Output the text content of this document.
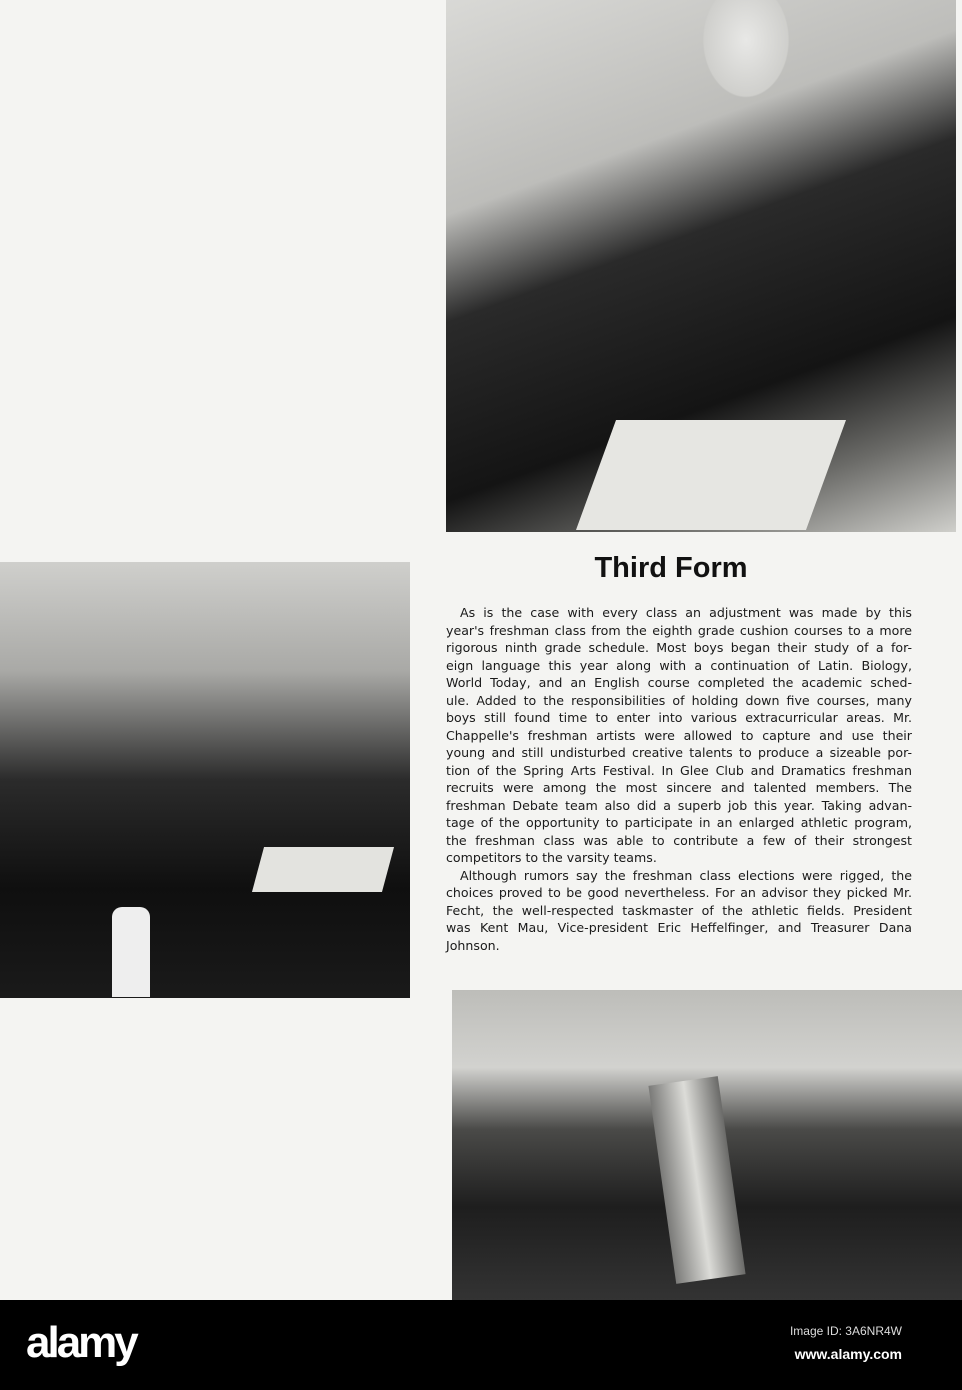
Third Form
As is the case with every class an adjustment was made by this
year's freshman class from the eighth grade cushion courses to a more
rigorous ninth grade schedule. Most boys began their study of a for-
eign language this year along with a continuation of Latin. Biology,
World Today, and an English course completed the academic sched-
ule. Added to the responsibilities of holding down five courses, many
boys still found time to enter into various extracurricular areas. Mr.
Chappelle's freshman artists were allowed to capture and use their
young and still undisturbed creative talents to produce a sizeable por-
tion of the Spring Arts Festival. In Glee Club and Dramatics freshman
recruits were among the most sincere and talented members. The
freshman Debate team also did a superb job this year. Taking advan-
tage of the opportunity to participate in an enlarged athletic program,
the freshman class was able to contribute a few of their strongest
competitors to the varsity teams.
Although rumors say the freshman class elections were rigged, the
choices proved to be good nevertheless. For an advisor they picked Mr.
Fecht, the well-respected taskmaster of the athletic fields. President
was Kent Mau, Vice-president Eric Heffelfinger, and Treasurer Dana
Johnson.
alamy	Image ID: 3A6NR4W
www.alamy.com
